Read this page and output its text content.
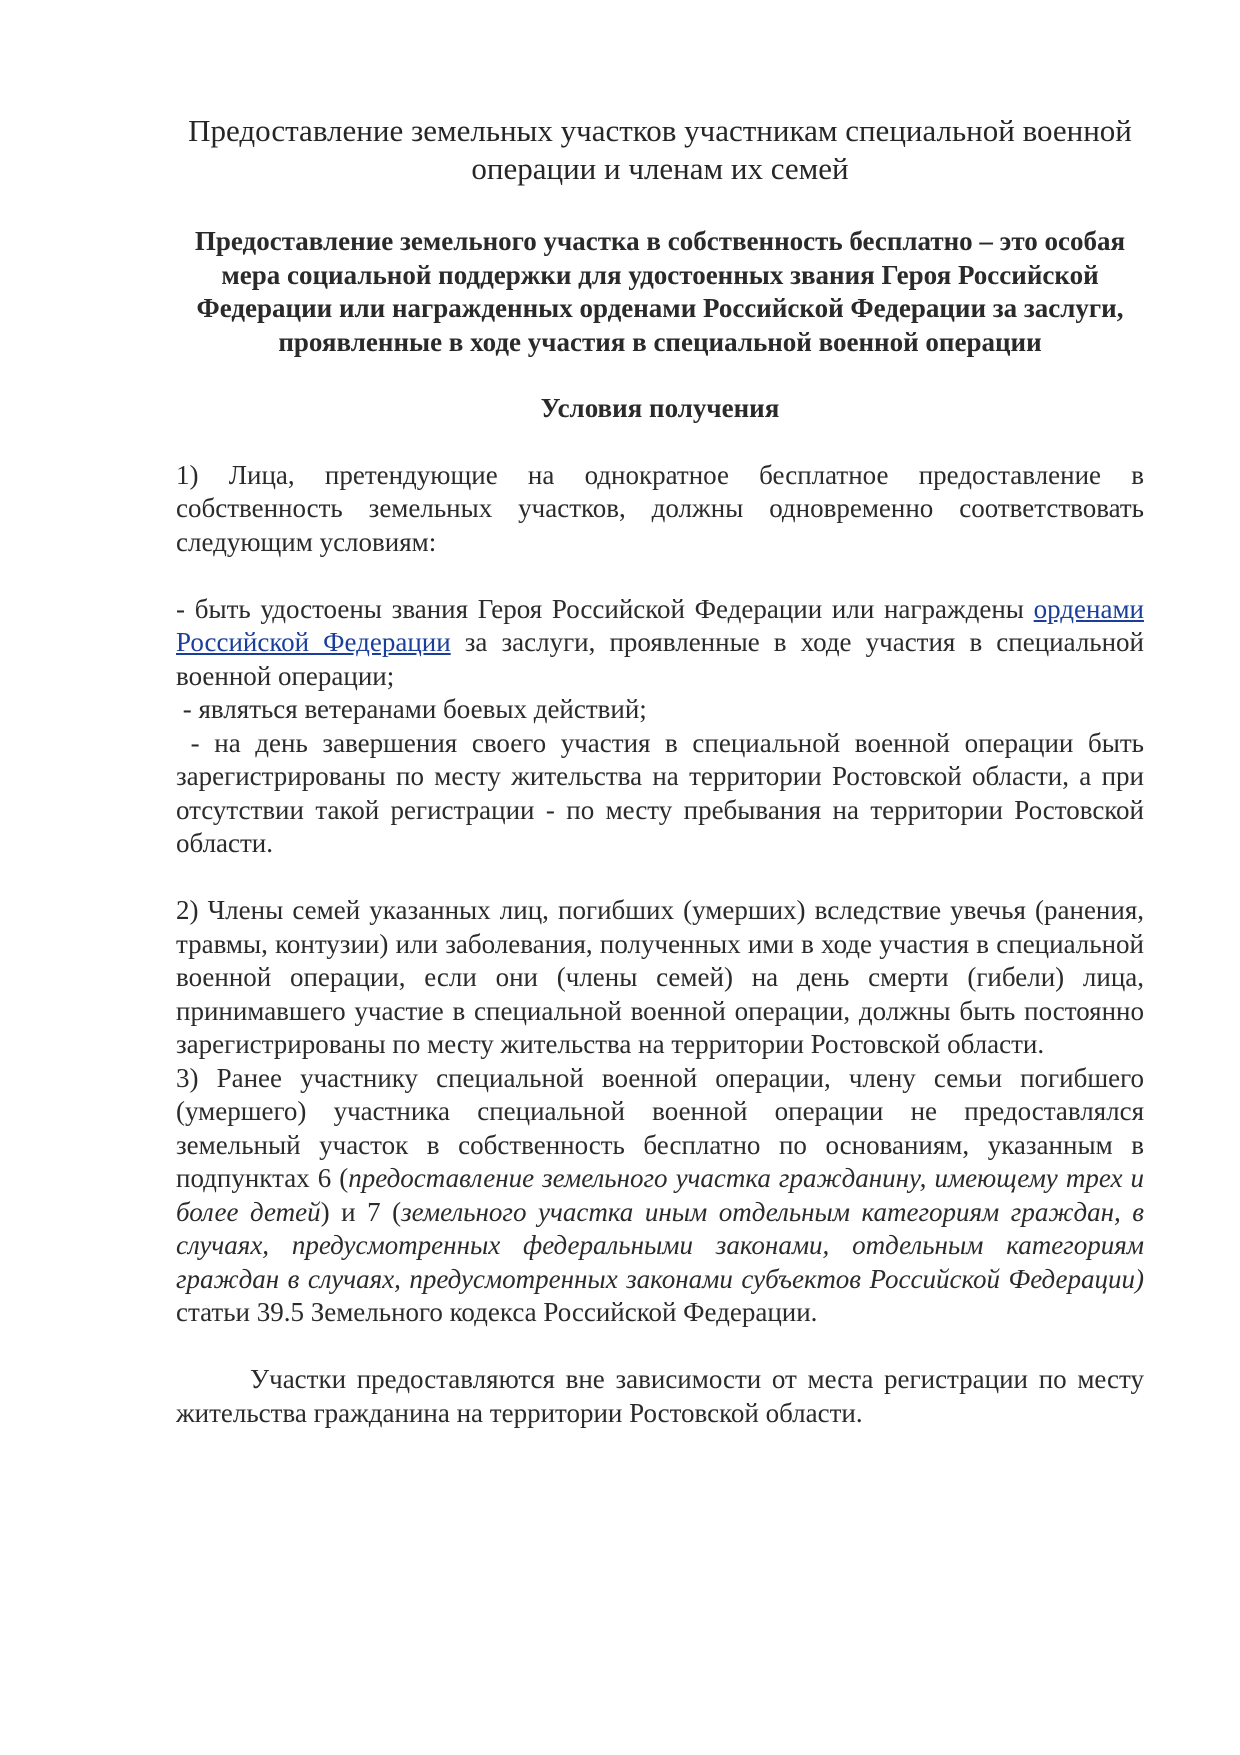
Предоставление земельных участков участникам специальной военной операции и членам их семей
Предоставление земельного участка в собственность бесплатно – это особая мера социальной поддержки для удостоенных звания Героя Российской Федерации или награжденных орденами Российской Федерации за заслуги, проявленные в ходе участия в специальной военной операции
Условия получения

1) Лица, претендующие на однократное бесплатное предоставление в собственность земельных участков, должны одновременно соответствовать следующим условиям:

- быть удостоены звания Героя Российской Федерации или награждены орденами Российской Федерации за заслуги, проявленные в ходе участия в специальной военной операции;

- являться ветеранами боевых действий;

- на день завершения своего участия в специальной военной операции быть зарегистрированы по месту жительства на территории Ростовской области, а при отсутствии такой регистрации - по месту пребывания на территории Ростовской области.

2) Члены семей указанных лиц, погибших (умерших) вследствие увечья (ранения, травмы, контузии) или заболевания, полученных ими в ходе участия в специальной военной операции, если они (члены семей) на день смерти (гибели) лица, принимавшего участие в специальной военной операции, должны быть постоянно зарегистрированы по месту жительства на территории Ростовской области.

3) Ранее участнику специальной военной операции, члену семьи погибшего (умершего) участника специальной военной операции не предоставлялся земельный участок в собственность бесплатно по основаниям, указанным в подпунктах 6 (предоставление земельного участка гражданину, имеющему трех и более детей) и 7 (земельного участка иным отдельным категориям граждан, в случаях, предусмотренных федеральными законами, отдельным категориям граждан в случаях, предусмотренных законами субъектов Российской Федерации) статьи 39.5 Земельного кодекса Российской Федерации.

Участки предоставляются вне зависимости от места регистрации по месту жительства гражданина на территории Ростовской области.
